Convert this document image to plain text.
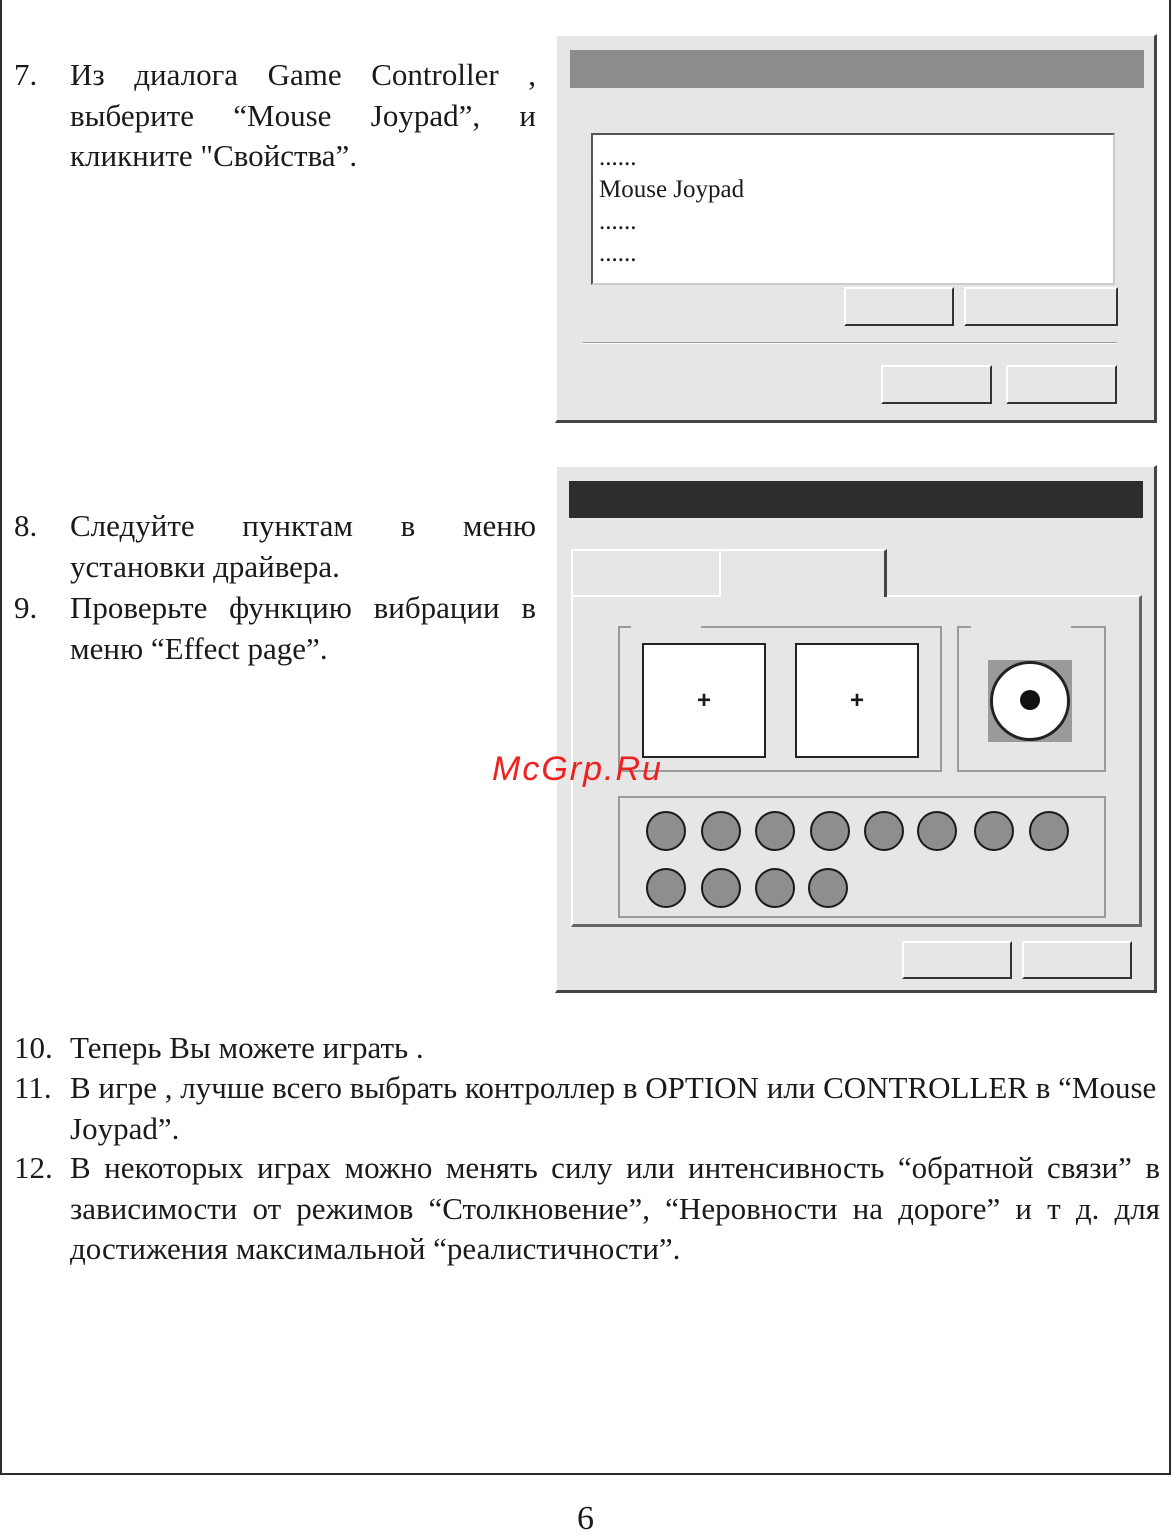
7. Из диалога Game Controller , выберите “Mouse Joypad”, и кликните "Свойства”.	......
Mouse Joypad
......
......
8. Следуйте пунктам в меню установки драйвера.
9. Проверьте функцию вибрации в меню “Effect page”.
+	+
McGrp.Ru
10. Теперь Вы можете играть .
11. В игре , лучше всего выбрать контроллер в OPTION или CONTROLLER в “Mouse Joypad”.
12. В некоторых играх можно менять силу или интенсивность “обратной связи” в зависимости от режимов “Столкновение”, “Неровности на дороге” и т д. для достижения максимальной “реалистичности”.
6
